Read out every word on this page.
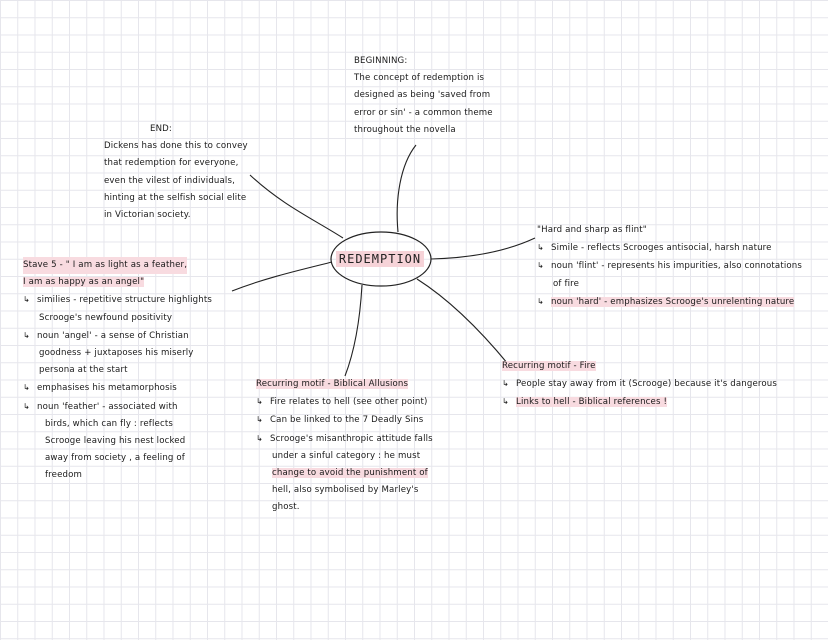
REDEMPTION
BEGINNING:
The concept of redemption is
designed as being 'saved from
error or sin' - a common theme
throughout the novella
END:
Dickens has done this to convey
that redemption for everyone,
even the vilest of individuals,
hinting at the selfish social elite
in Victorian society.
"Hard and sharp as flint"
↳ Simile - reflects Scrooges antisocial, harsh nature
↳ noun 'flint' - represents his impurities, also connotations
of fire
↳ noun 'hard' - emphasizes Scrooge's unrelenting nature
Stave 5 - " I am as light as a feather,
I am as happy as an angel"
↳ similies - repetitive structure highlights
Scrooge's newfound positivity
↳ noun 'angel' - a sense of Christian
goodness + juxtaposes his miserly
persona at the start
↳ emphasises his metamorphosis
↳ noun 'feather' - associated with
birds, which can fly : reflects
Scrooge leaving his nest locked
away from society , a feeling of
freedom
Recurring motif - Biblical Allusions
↳ Fire relates to hell (see other point)
↳ Can be linked to the 7 Deadly Sins
↳ Scrooge's misanthropic attitude falls
under a sinful category : he must
change to avoid the punishment of
hell, also symbolised by Marley's
ghost.
Recurring motif - Fire
↳ People stay away from it (Scrooge) because it's dangerous
↳ Links to hell - Biblical references !
